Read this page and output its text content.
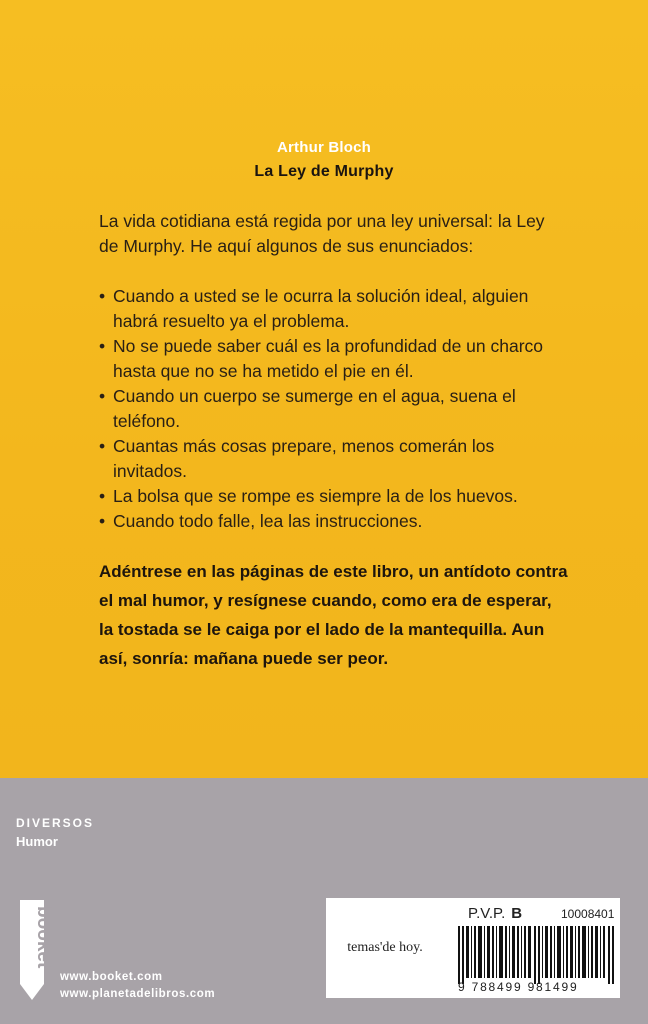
Arthur Bloch
La Ley de Murphy
La vida cotidiana está regida por una ley universal: la Ley de Murphy. He aquí algunos de sus enunciados:
• Cuando a usted se le ocurra la solución ideal, alguien habrá resuelto ya el problema.
• No se puede saber cuál es la profundidad de un charco hasta que no se ha metido el pie en él.
• Cuando un cuerpo se sumerge en el agua, suena el teléfono.
• Cuantas más cosas prepare, menos comerán los invitados.
• La bolsa que se rompe es siempre la de los huevos.
• Cuando todo falle, lea las instrucciones.
Adéntrese en las páginas de este libro, un antídoto contra el mal humor, y resígnese cuando, como era de esperar, la tostada se le caiga por el lado de la mantequilla. Aun así, sonría: mañana puede ser peor.
DIVERSOS
Humor
booket
www.booket.com
www.planetadelibros.com
temas'de hoy.
P.V.P. B	10008401
9 788499 981499
